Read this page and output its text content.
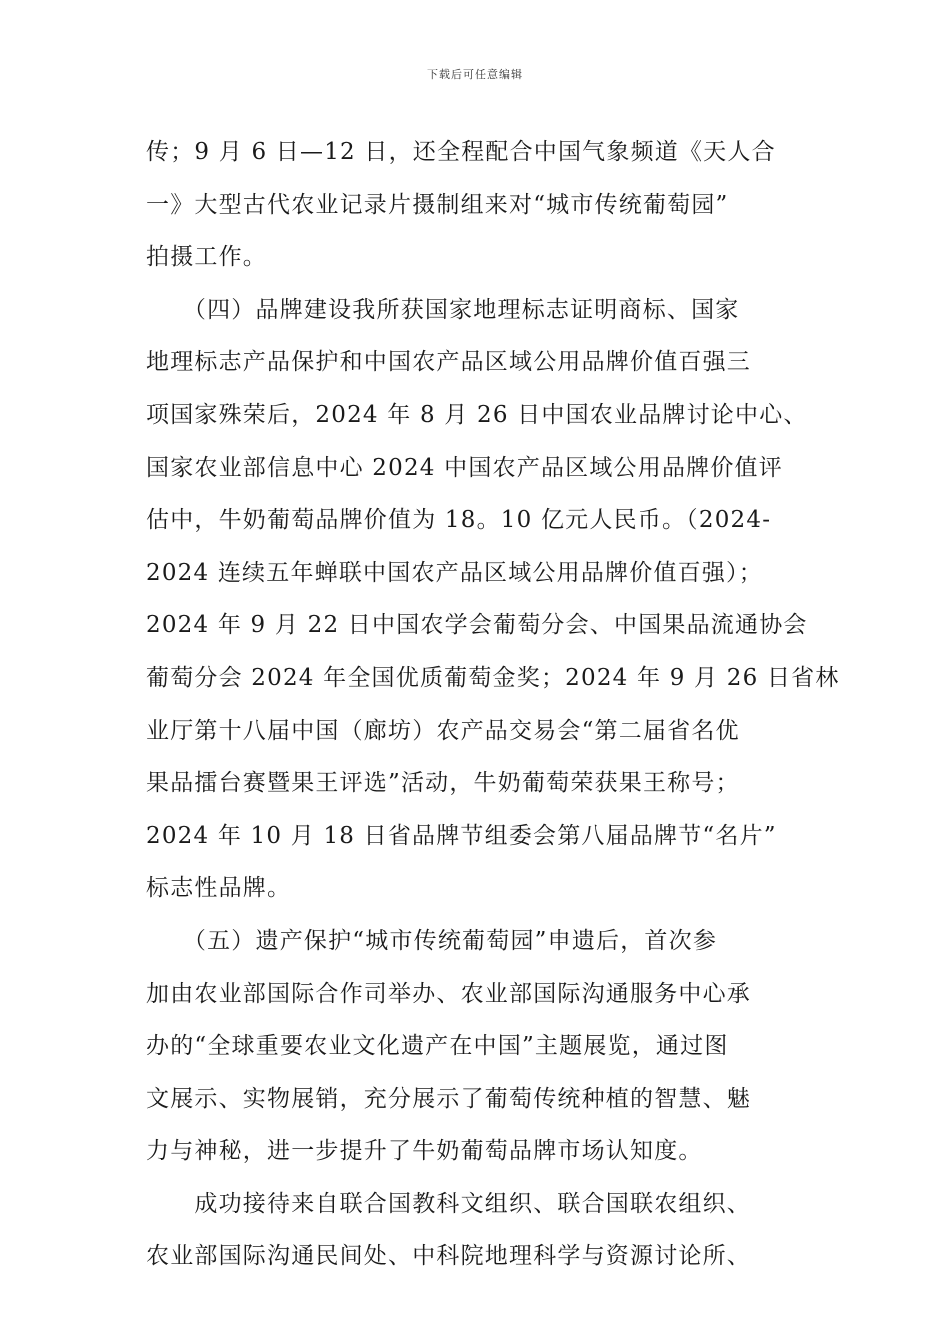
下载后可任意编辑
传；9 月 6 日—12 日，还全程配合中国气象频道《天人合
一》大型古代农业记录片摄制组来对“城市传统葡萄园”
拍摄工作。
　　（四）品牌建设我所获国家地理标志证明商标、国家
地理标志产品保护和中国农产品区域公用品牌价值百强三
项国家殊荣后，2024 年 8 月 26 日中国农业品牌讨论中心、
国家农业部信息中心 2024 中国农产品区域公用品牌价值评
估中，牛奶葡萄品牌价值为 18。10 亿元人民币。（2024-
2024 连续五年蝉联中国农产品区域公用品牌价值百强）；
2024 年 9 月 22 日中国农学会葡萄分会、中国果品流通协会
葡萄分会 2024 年全国优质葡萄金奖；2024 年 9 月 26 日省林
业厅第十八届中国（廊坊）农产品交易会“第二届省名优
果品擂台赛暨果王评选”活动，牛奶葡萄荣获果王称号；
2024 年 10 月 18 日省品牌节组委会第八届品牌节“名片”
标志性品牌。
　　（五）遗产保护“城市传统葡萄园”申遗后，首次参
加由农业部国际合作司举办、农业部国际沟通服务中心承
办的“全球重要农业文化遗产在中国”主题展览，通过图
文展示、实物展销，充分展示了葡萄传统种植的智慧、魅
力与神秘，进一步提升了牛奶葡萄品牌市场认知度。
　　成功接待来自联合国教科文组织、联合国联农组织、
农业部国际沟通民间处、中科院地理科学与资源讨论所、
